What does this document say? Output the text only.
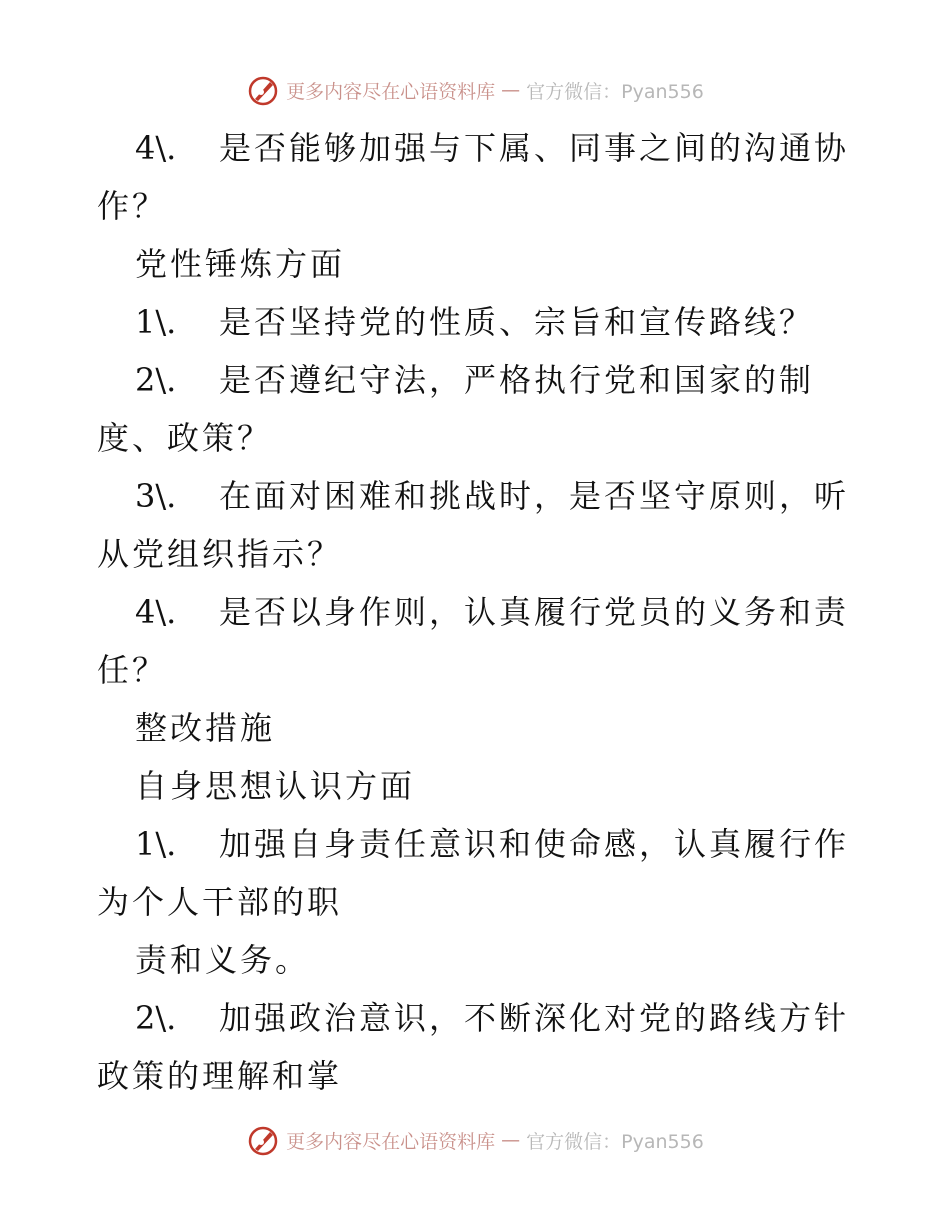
更多内容尽在心语资料库 — 官方微信：Pyan556
4\. 是否能够加强与下属、同事之间的沟通协
作？
党性锤炼方面
1\. 是否坚持党的性质、宗旨和宣传路线？
2\. 是否遵纪守法，严格执行党和国家的制
度、政策？
3\. 在面对困难和挑战时，是否坚守原则，听
从党组织指示？
4\. 是否以身作则，认真履行党员的义务和责
任？
整改措施
自身思想认识方面
1\. 加强自身责任意识和使命感，认真履行作
为个人干部的职
责和义务。
2\. 加强政治意识，不断深化对党的路线方针
政策的理解和掌
更多内容尽在心语资料库 — 官方微信：Pyan556
